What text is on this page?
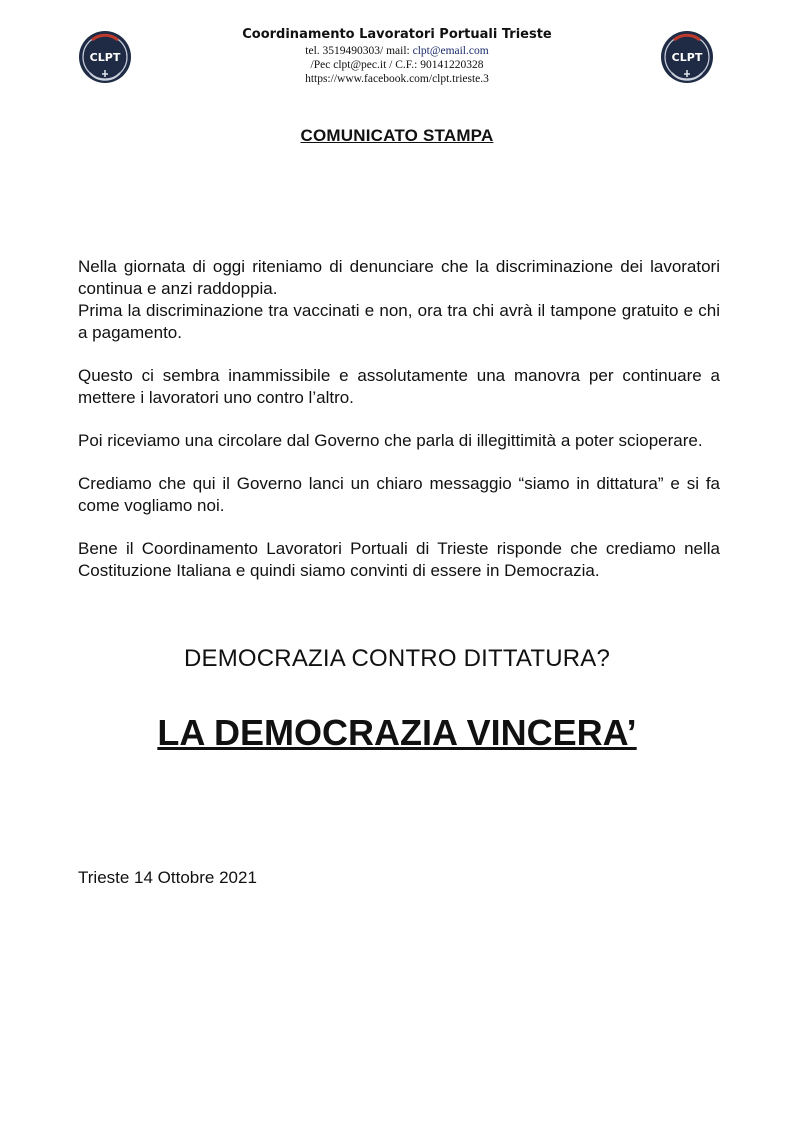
CLPT	CLPT
Coordinamento Lavoratori Portuali Trieste
tel. 3519490303/ mail: clpt@email.com
/Pec clpt@pec.it / C.F.: 90141220328
https://www.facebook.com/clpt.trieste.3
COMUNICATO STAMPA

Nella giornata di oggi riteniamo di denunciare che la discriminazione dei lavoratori continua e anzi raddoppia.

Prima la discriminazione tra vaccinati e non, ora tra chi avrà il tampone gratuito e chi a pagamento.

Questo ci sembra inammissibile e assolutamente una manovra per continuare a mettere i lavoratori uno contro l’altro.

Poi riceviamo una circolare dal Governo che parla di illegittimità a poter scioperare.

Crediamo che qui il Governo lanci un chiaro messaggio “siamo in dittatura” e si fa come vogliamo noi.

Bene il Coordinamento Lavoratori Portuali di Trieste risponde che crediamo nella Costituzione Italiana e quindi siamo convinti di essere in Democrazia.

DEMOCRAZIA CONTRO DITTATURA?
LA DEMOCRAZIA VINCERA’
Trieste 14 Ottobre 2021
